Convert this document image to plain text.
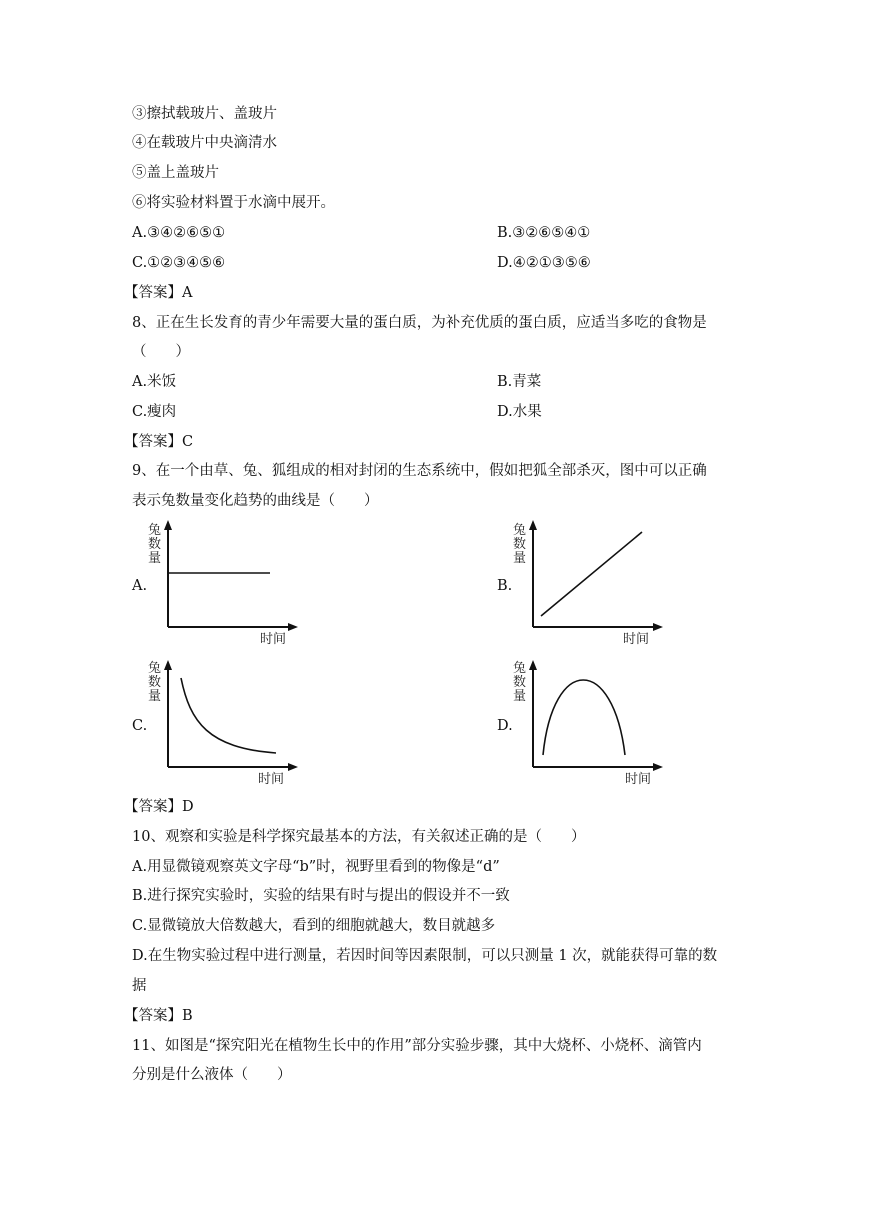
③擦拭载玻片、盖玻片
④在载玻片中央滴清水
⑤盖上盖玻片
⑥将实验材料置于水滴中展开。
A.③④②⑥⑤①	B.③②⑥⑤④①
C.①②③④⑤⑥	D.④②①③⑤⑥
【答案】A
8、正在生长发育的青少年需要大量的蛋白质，为补充优质的蛋白质，应适当多吃的食物是
（　　）
A.米饭	B.青菜
C.瘦肉	D.水果
【答案】C
9、在一个由草、兔、狐组成的相对封闭的生态系统中，假如把狐全部杀灭，图中可以正确
表示兔数量变化趋势的曲线是（　　）
A.
兔
数
量
时间
B.
兔
数
量
时间
C.
兔
数
量
时间
D.
兔
数
量
时间
【答案】D
10、观察和实验是科学探究最基本的方法，有关叙述正确的是（　　）
A.用显微镜观察英文字母“b”时，视野里看到的物像是“d”
B.进行探究实验时，实验的结果有时与提出的假设并不一致
C.显微镜放大倍数越大，看到的细胞就越大，数目就越多
D.在生物实验过程中进行测量，若因时间等因素限制，可以只测量 1 次，就能获得可靠的数
据
【答案】B
11、如图是“探究阳光在植物生长中的作用”部分实验步骤，其中大烧杯、小烧杯、滴管内
分别是什么液体（　　）
